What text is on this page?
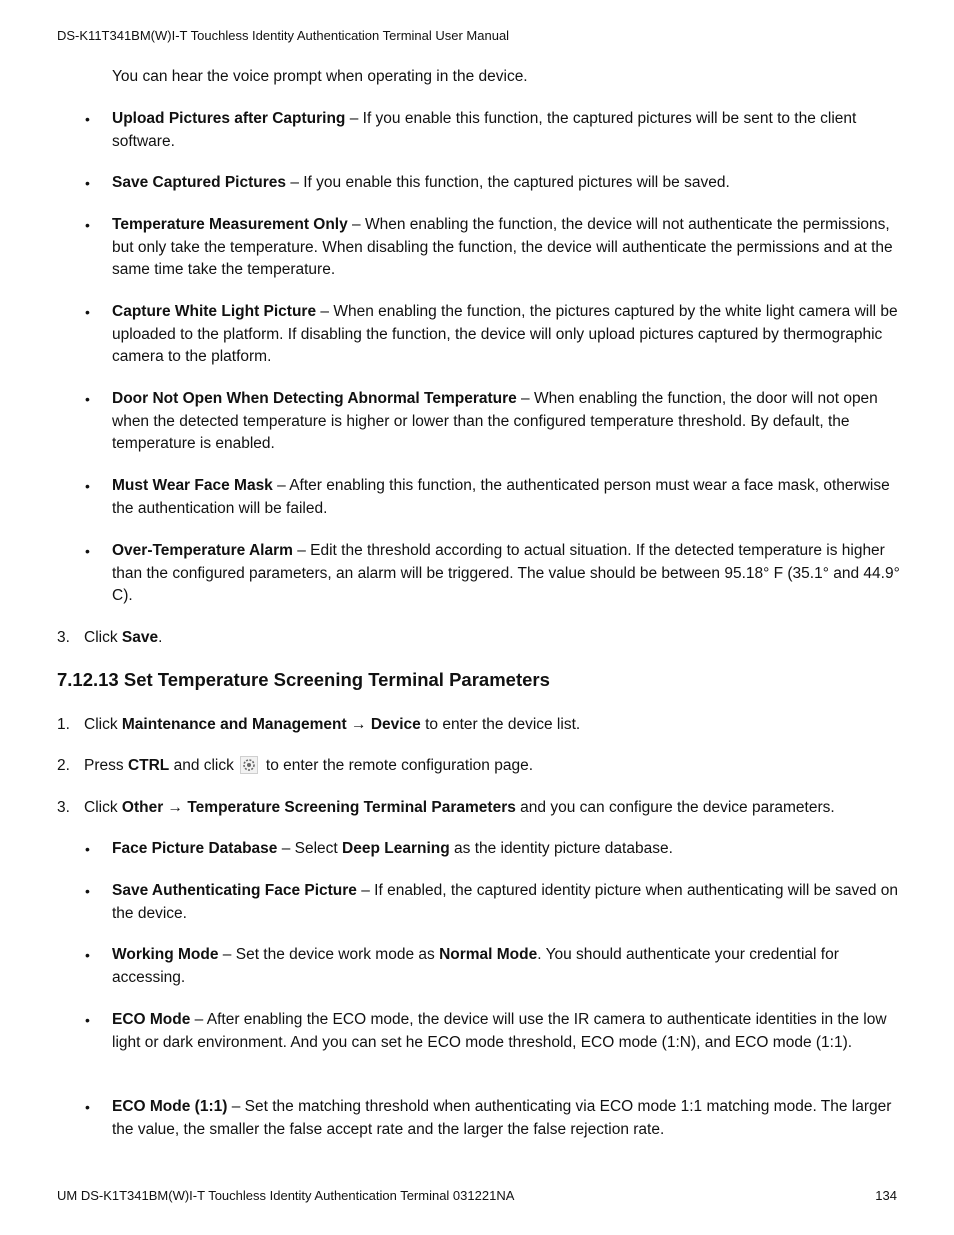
DS-K11T341BM(W)I-T Touchless Identity Authentication Terminal User Manual
You can hear the voice prompt when operating in the device.
• Upload Pictures after Capturing – If you enable this function, the captured pictures will be sent to the client software.
• Save Captured Pictures – If you enable this function, the captured pictures will be saved.
• Temperature Measurement Only – When enabling the function, the device will not authenticate the permissions, but only take the temperature. When disabling the function, the device will authenticate the permissions and at the same time take the temperature.
• Capture White Light Picture – When enabling the function, the pictures captured by the white light camera will be uploaded to the platform. If disabling the function, the device will only upload pictures captured by thermographic camera to the platform.
• Door Not Open When Detecting Abnormal Temperature – When enabling the function, the door will not open when the detected temperature is higher or lower than the configured temperature threshold. By default, the temperature is enabled.
• Must Wear Face Mask – After enabling this function, the authenticated person must wear a face mask, otherwise the authentication will be failed.
• Over-Temperature Alarm – Edit the threshold according to actual situation. If the detected temperature is higher than the configured parameters, an alarm will be triggered. The value should be between 95.18° F (35.1° and 44.9° C).
3. Click Save.
7.12.13 Set Temperature Screening Terminal Parameters
1. Click Maintenance and Management → Device to enter the device list.
2. Press CTRL and click to enter the remote configuration page.
3. Click Other → Temperature Screening Terminal Parameters and you can configure the device parameters.
• Face Picture Database – Select Deep Learning as the identity picture database.
• Save Authenticating Face Picture – If enabled, the captured identity picture when authenticating will be saved on the device.
• Working Mode – Set the device work mode as Normal Mode. You should authenticate your credential for accessing.
• ECO Mode – After enabling the ECO mode, the device will use the IR camera to authenticate identities in the low light or dark environment. And you can set he ECO mode threshold, ECO mode (1:N), and ECO mode (1:1).
• ECO Mode (1:1) – Set the matching threshold when authenticating via ECO mode 1:1 matching mode. The larger the value, the smaller the false accept rate and the larger the false rejection rate.
UM DS-K1T341BM(W)I-T Touchless Identity Authentication Terminal 031221NA	134
